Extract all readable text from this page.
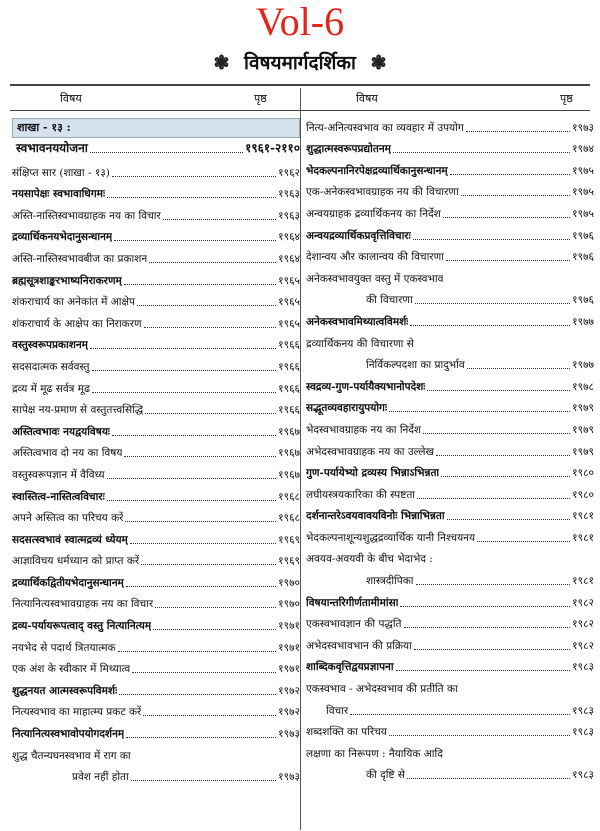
Vol-6
❃ विषयमार्गदर्शिका ❃
विषय	पृष्ठ	विषय	पृष्ठ
शाखा - १३ :
स्वभावनययोजना	१९६१-२११०
संक्षिप्त सार (शाखा - १३)	१९६२
नयसापेक्षः स्वभावाधिगमः	१९६३
अस्ति-नास्तिस्वभावग्राहक नय का विचार	१९६३
द्रव्यार्थिकनयभेदानुसन्धानम्	१९६४
अस्ति-नास्तिस्वभावबीज का प्रकाशन	१९६४
ब्रह्मसूत्रशाङ्करभाष्यनिराकरणम्	१९६५
शंकराचार्य का अनेकांत में आक्षेप	१९६५
शंकराचार्य के आक्षेप का निराकरण	१९६५
वस्तुस्वरूपप्रकाशनम्	१९६६
सदसदात्मक सर्ववस्तु	१९६६
द्रव्य में मूढ सर्वत्र मूढ	१९६६
सापेक्ष नय-प्रमाण से वस्तुतत्त्वसिद्धि	१९६६
अस्तित्वभावः नयद्वयविषयः	१९६७
अस्तित्वभाव दो नय का विषय	१९६७
वस्तुस्वरूपज्ञान में वैविध्य	१९६७
स्वास्तित्व-नास्तित्वविचारः	१९६८
अपने अस्तित्व का परिचय करें	१९६८
सदसत्स्वभावं स्वात्मद्रव्यं ध्येयम्	१९६९
आज्ञाविचय धर्मध्यान को प्राप्त करें	१९६९
द्रव्यार्थिकद्वितीयभेदानुसन्धानम्	१९७०
नित्यानित्यस्वभावग्राहक नय का विचार	१९७०
द्रव्य-पर्यायरूपत्वाद् वस्तु नित्यानित्यम्	१९७१
नयभेद से पदार्थ त्रितयात्मक	१९७१
एक अंश के स्वीकार में मिथ्यात्व	१९७१
शुद्धनयत आत्मस्वरूपविमर्शः	१९७२
नित्यस्वभाव का माहात्म्य प्रकट करें	१९७२
नित्यानित्यस्वभावोपयोगदर्शनम्	१९७३
शुद्ध चैतन्यघनस्वभाव में राग का
प्रवेश नहीं होता	१९७३
नित्य-अनित्यस्वभाव का व्यवहार में उपयोग	१९७३
शुद्धात्मस्वरूपप्रद्योतनम्	१९७४
भेदकल्पनानिरपेक्षद्रव्यार्थिकानुसन्धानम्	१९७५
एक-अनेकस्वभावग्राहक नय की विचारणा	१९७५
अन्वयग्राहक द्रव्यार्थिकनय का निर्देश	१९७५
अन्वयद्रव्यार्थिकप्रवृत्तिविचारः	१९७६
देशान्वय और कालान्वय की विचारणा	१९७६
अनेकस्वभावयुक्त वस्तु में एकस्वभाव
की विचारणा	१९७६
अनेकस्वभावमिथ्यात्वविमर्शः	१९७७
द्रव्यार्थिकनय की विचारणा से
निर्विकल्पदशा का प्रादुर्भाव	१९७७
स्वद्रव्य-गुण-पर्यायैक्यभानोपदेशः	१९७८
सद्भूतव्यवहारायुपयोगः	१९७९
भेदस्वभावग्राहक नय का निर्देश	१९७९
अभेदस्वभावग्राहक नय का उल्लेख	१९७९
गुण-पर्यायेभ्यो द्रव्यस्य भिन्नाऽभिन्नता	१९८०
लघीयस्त्रयकारिका की स्पष्टता	१९८०
दर्शनान्तरेऽवयवावयविनोः भिन्नाभिन्नता	१९८१
भेदकल्पनाशून्यशुद्धद्रव्यार्थिक यानी निश्चयनय	१९८१
अवयव-अवयवी के बीच भेदाभेद :
शास्त्रदीपिका	१९८१
विषयान्तरिगीर्णतामीमांसा	१९८२
एकस्वभावज्ञान की पद्धति	१९८२
अभेदस्वभावभान की प्रक्रिया	१९८२
शाब्दिकवृत्तिद्वयप्रज्ञापना	१९८३
एकस्वभाव - अभेदस्वभाव की प्रतीति का
विचार	१९८३
शब्दशक्ति का परिचय	१९८३
लक्षणा का निरूपण : नैयायिक आदि
की दृष्टि से	१९८३
